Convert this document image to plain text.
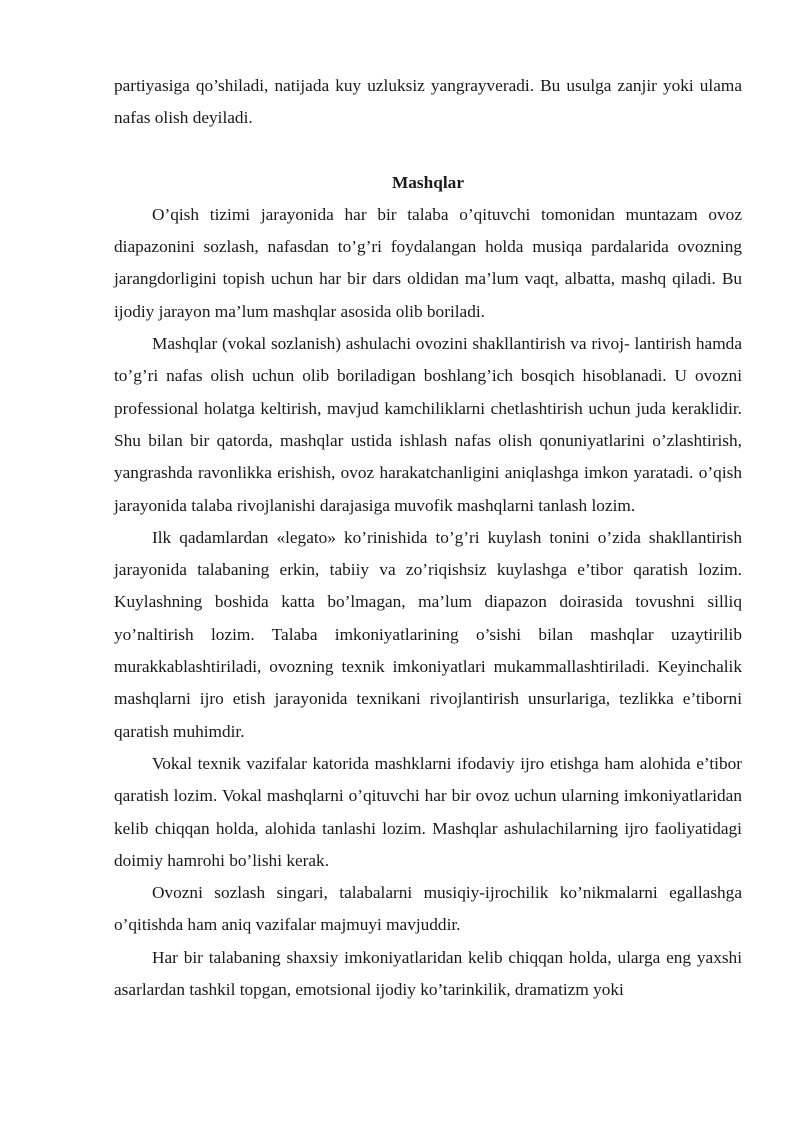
partiyasiga qo’shiladi, natijada kuy uzluksiz yangrayveradi. Bu usulga zanjir yoki ulama nafas olish deyiladi.

Mashqlar

O’qish tizimi jarayonida har bir talaba o’qituvchi tomonidan muntazam ovoz diapazonini sozlash, nafasdan to’g’ri foydalangan holda musiqa pardalarida ovozning jarangdorligini topish uchun har bir dars oldidan ma’lum vaqt, albatta, mashq qiladi. Bu ijodiy jarayon ma’lum mashqlar asosida olib boriladi.

Mashqlar (vokal sozlanish) ashulachi ovozini shakllantirish va rivoj- lantirish hamda to’g’ri nafas olish uchun olib boriladigan boshlang’ich bosqich hisoblanadi. U ovozni professional holatga keltirish, mavjud kamchiliklarni chetlashtirish uchun juda keraklidir. Shu bilan bir qatorda, mashqlar ustida ishlash nafas olish qonuniyatlarini o’zlashtirish, yangrashda ravonlikka erishish, ovoz harakatchanligini aniqlashga imkon yaratadi. o’qish jarayonida talaba rivojlanishi darajasiga muvofik mashqlarni tanlash lozim.

Ilk qadamlardan «legato» ko’rinishida to’g’ri kuylash tonini o’zida shakllantirish jarayonida talabaning erkin, tabiiy va zo’riqishsiz kuylashga e’tibor qaratish lozim. Kuylashning boshida katta bo’lmagan, ma’lum diapazon doirasida tovushni silliq yo’naltirish lozim. Talaba imkoniyatlarining o’sishi bilan mashqlar uzaytirilib murakkablashtiriladi, ovozning texnik imkoniyatlari mukammallashtiriladi. Keyinchalik mashqlarni ijro etish jarayonida texnikani rivojlantirish unsurlariga, tezlikka e’tiborni qaratish muhimdir.

Vokal texnik vazifalar katorida mashklarni ifodaviy ijro etishga ham alohida e’tibor qaratish lozim. Vokal mashqlarni o’qituvchi har bir ovoz uchun ularning imkoniyatlaridan kelib chiqqan holda, alohida tanlashi lozim. Mashqlar ashulachilarning ijro faoliyatidagi doimiy hamrohi bo’lishi kerak.

Ovozni sozlash singari, talabalarni musiqiy-ijrochilik ko’nikmalarni egallashga o’qitishda ham aniq vazifalar majmuyi mavjuddir.

Har bir talabaning shaxsiy imkoniyatlaridan kelib chiqqan holda, ularga eng yaxshi asarlardan tashkil topgan, emotsional ijodiy ko’tarinkilik, dramatizm yoki
